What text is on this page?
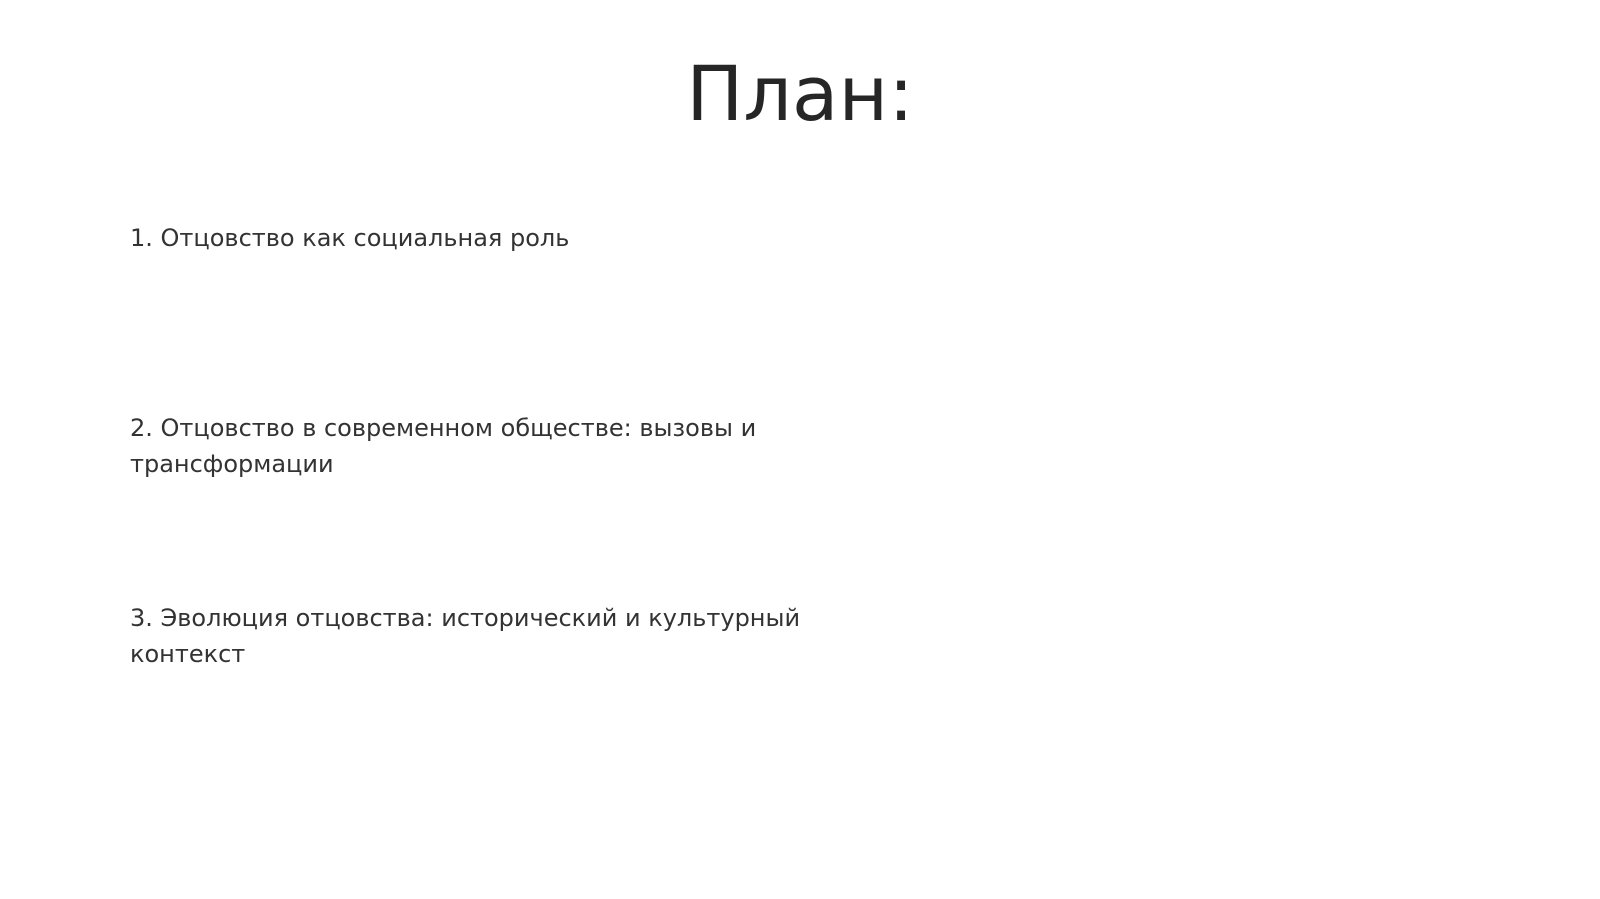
План:

1. Отцовство как социальная роль

2. Отцовство в современном обществе: вызовы и трансформации

3. Эволюция отцовства: исторический и культурный контекст
